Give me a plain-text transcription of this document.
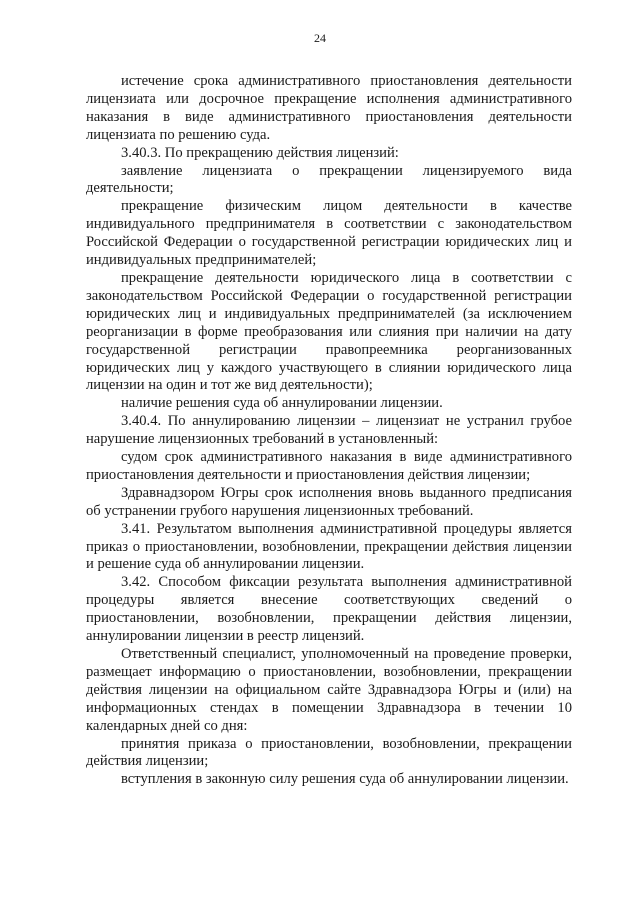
24

истечение срока административного приостановления деятельности лицензиата или досрочное прекращение исполнения административного наказания в виде административного приостановления деятельности лицензиата по решению суда.

3.40.3. По прекращению действия лицензий:

заявление лицензиата о прекращении лицензируемого вида деятельности;

прекращение физическим лицом деятельности в качестве индивидуального предпринимателя в соответствии с законодательством Российской Федерации о государственной регистрации юридических лиц и индивидуальных предпринимателей;

прекращение деятельности юридического лица в соответствии с законодательством Российской Федерации о государственной регистрации юридических лиц и индивидуальных предпринимателей (за исключением реорганизации в форме преобразования или слияния при наличии на дату государственной регистрации правопреемника реорганизованных юридических лиц у каждого участвующего в слиянии юридического лица лицензии на один и тот же вид деятельности);

наличие решения суда об аннулировании лицензии.

3.40.4. По аннулированию лицензии – лицензиат не устранил грубое нарушение лицензионных требований в установленный:

судом срок административного наказания в виде административного приостановления деятельности и приостановления действия лицензии;

Здравнадзором Югры срок исполнения вновь выданного предписания об устранении грубого нарушения лицензионных требований.

3.41. Результатом выполнения административной процедуры является приказ о приостановлении, возобновлении, прекращении действия лицензии и решение суда об аннулировании лицензии.

3.42. Способом фиксации результата выполнения административной процедуры является внесение соответствующих сведений о приостановлении, возобновлении, прекращении действия лицензии, аннулировании лицензии в реестр лицензий.

Ответственный специалист, уполномоченный на проведение проверки, размещает информацию о приостановлении, возобновлении, прекращении действия лицензии на официальном сайте Здравнадзора Югры и (или) на информационных стендах в помещении Здравнадзора в течении 10 календарных дней со дня:

принятия приказа о приостановлении, возобновлении, прекращении действия лицензии;

вступления в законную силу решения суда об аннулировании лицензии.
